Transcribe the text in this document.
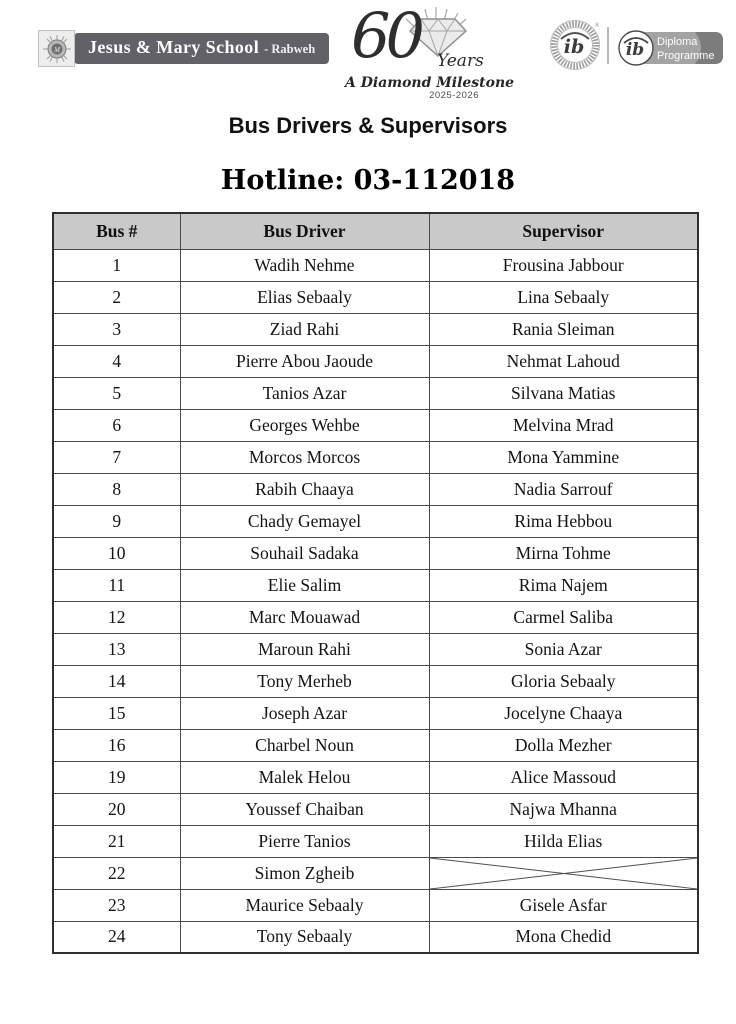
M Jesus & Mary School - Rabweh 60 Years
A Diamond Milestone
2025-2026
ib
®
ib Diploma
Programme
Bus Drivers & Supervisors
Hotline: 03-112018
Bus #	Bus Driver	Supervisor
1	Wadih Nehme	Frousina Jabbour
2	Elias Sebaaly	Lina Sebaaly
3	Ziad Rahi	Rania Sleiman
4	Pierre Abou Jaoude	Nehmat Lahoud
5	Tanios Azar	Silvana Matias
6	Georges Wehbe	Melvina Mrad
7	Morcos Morcos	Mona Yammine
8	Rabih Chaaya	Nadia Sarrouf
9	Chady Gemayel	Rima Hebbou
10	Souhail Sadaka	Mirna Tohme
11	Elie Salim	Rima Najem
12	Marc Mouawad	Carmel Saliba
13	Maroun Rahi	Sonia Azar
14	Tony Merheb	Gloria Sebaaly
15	Joseph Azar	Jocelyne Chaaya
16	Charbel Noun	Dolla Mezher
19	Malek Helou	Alice Massoud
20	Youssef Chaiban	Najwa Mhanna
21	Pierre Tanios	Hilda Elias
22	Simon Zgheib	

23	Maurice Sebaaly	Gisele Asfar
24	Tony Sebaaly	Mona Chedid
